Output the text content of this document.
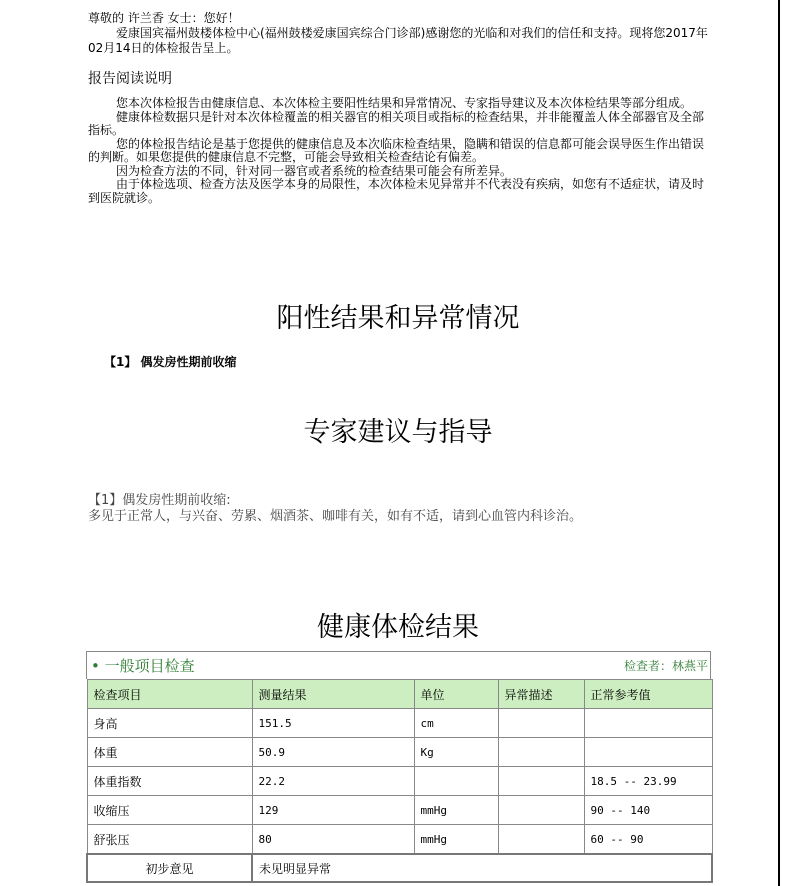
尊敬的 许兰香 女士：您好！

爱康国宾福州鼓楼体检中心(福州鼓楼爱康国宾综合门诊部)感谢您的光临和对我们的信任和支持。现将您2017年02月14日的体检报告呈上。

报告阅读说明

您本次体检报告由健康信息、本次体检主要阳性结果和异常情况、专家指导建议及本次体检结果等部分组成。

健康体检数据只是针对本次体检覆盖的相关器官的相关项目或指标的检查结果，并非能覆盖人体全部器官及全部指标。

您的体检报告结论是基于您提供的健康信息及本次临床检查结果，隐瞒和错误的信息都可能会误导医生作出错误的判断。如果您提供的健康信息不完整，可能会导致相关检查结论有偏差。

因为检查方法的不同，针对同一器官或者系统的检查结果可能会有所差异。

由于体检选项、检查方法及医学本身的局限性，本次体检未见异常并不代表没有疾病，如您有不适症状，请及时到医院就诊。

阳性结果和异常情况
【1】 偶发房性期前收缩
专家建议与指导

【1】偶发房性期前收缩:

多见于正常人，与兴奋、劳累、烟酒茶、咖啡有关，如有不适，请到心血管内科诊治。

健康体检结果
• 一般项目检查	检查者：林燕平
检查项目	测量结果	单位	异常描述	正常参考值
身高	151.5	cm		
体重	50.9	Kg		
体重指数	22.2			18.5 -- 23.99
收缩压	129	mmHg		90 -- 140
舒张压	80	mmHg		60 -- 90
初步意见	未见明显异常			
